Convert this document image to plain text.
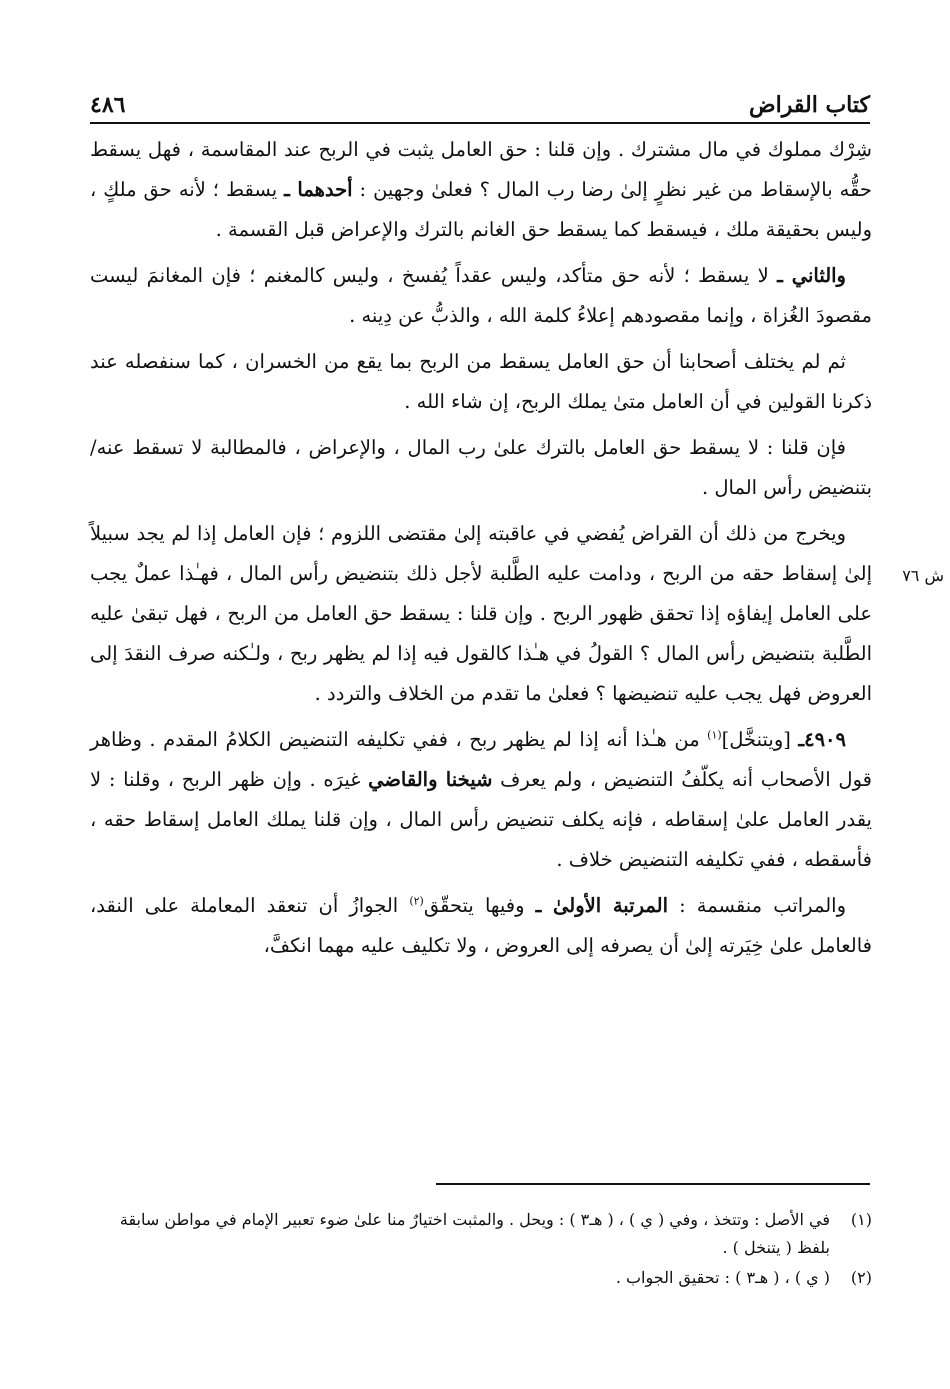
كتاب القراض
٤٨٦

شِرْك مملوك في مال مشترك . وإن قلنا : حق العامل يثبت في الربح عند المقاسمة ، فهل يسقط حقُّه بالإسقاط من غير نظرٍ إلىٰ رضا رب المال ؟ فعلىٰ وجهين : أحدهما ـ يسقط ؛ لأنه حق ملكٍ ، وليس بحقيقة ملك ، فيسقط كما يسقط حق الغانم بالترك والإعراض قبل القسمة .

والثاني ـ لا يسقط ؛ لأنه حق متأكد، وليس عقداً يُفسخ ، وليس كالمغنم ؛ فإن المغانمَ ليست مقصودَ الغُزاة ، وإنما مقصودهم إعلاءُ كلمة الله ، والذبُّ عن دِينه .

ثم لم يختلف أصحابنا أن حق العامل يسقط من الربح بما يقع من الخسران ، كما سنفصله عند ذكرنا القولين في أن العامل متىٰ يملك الربح، إن شاء الله .

فإن قلنا : لا يسقط حق العامل بالترك علىٰ رب المال ، والإعراض ، فالمطالبة لا تسقط عنه/ بتنضيض رأس المال .

ويخرج من ذلك أن القراض يُفضي في عاقبته إلىٰ مقتضى اللزوم ؛ فإن العامل إذا لم يجد سبيلاً إلىٰ إسقاط حقه من الربح ، ودامت عليه الطَّلبة لأجل ذلك بتنضيض رأس المال ، فهـٰذا عملٌ يجب على العامل إيفاؤه إذا تحقق ظهور الربح . وإن قلنا : يسقط حق العامل من الربح ، فهل تبقىٰ عليه الطَّلبة بتنضيض رأس المال ؟ القولُ في هـٰذا كالقول فيه إذا لم يظهر ربح ، ولـٰكنه صرف النقدَ إلى العروض فهل يجب عليه تنضيضها ؟ فعلىٰ ما تقدم من الخلاف والتردد .

٤٩٠٩ـ [ويتنخَّل]$^{(١)}$ من هـٰذا أنه إذا لم يظهر ربح ، ففي تكليفه التنضيض الكلامُ المقدم . وظاهر قول الأصحاب أنه يكلّفُ التنضيض ، ولم يعرف شيخنا والقاضي غيرَه . وإن ظهر الربح ، وقلنا : لا يقدر العامل علىٰ إسقاطه ، فإنه يكلف تنضيض رأس المال ، وإن قلنا يملك العامل إسقاط حقه ، فأسقطه ، ففي تكليفه التنضيض خلاف .

والمراتب منقسمة : المرتبة الأولىٰ ـ وفيها يتحقّق$^{(٢)}$ الجوازُ أن تنعقد المعاملة على النقد، فالعامل علىٰ خِيَرته إلىٰ أن يصرفه إلى العروض ، ولا تكليف عليه مهما انكفَّ،

ش ٧٦
(١)
في الأصل : وتتخذ ، وفي ( ي ) ، ( هـ٣ ) : ويحل . والمثبت اختيارٌ منا علىٰ ضوء تعبير الإمام في مواطن سابقة بلفظ ( يتنخل ) .
(٢)
( ي ) ، ( هـ٣ ) : تحقيق الجواب .
